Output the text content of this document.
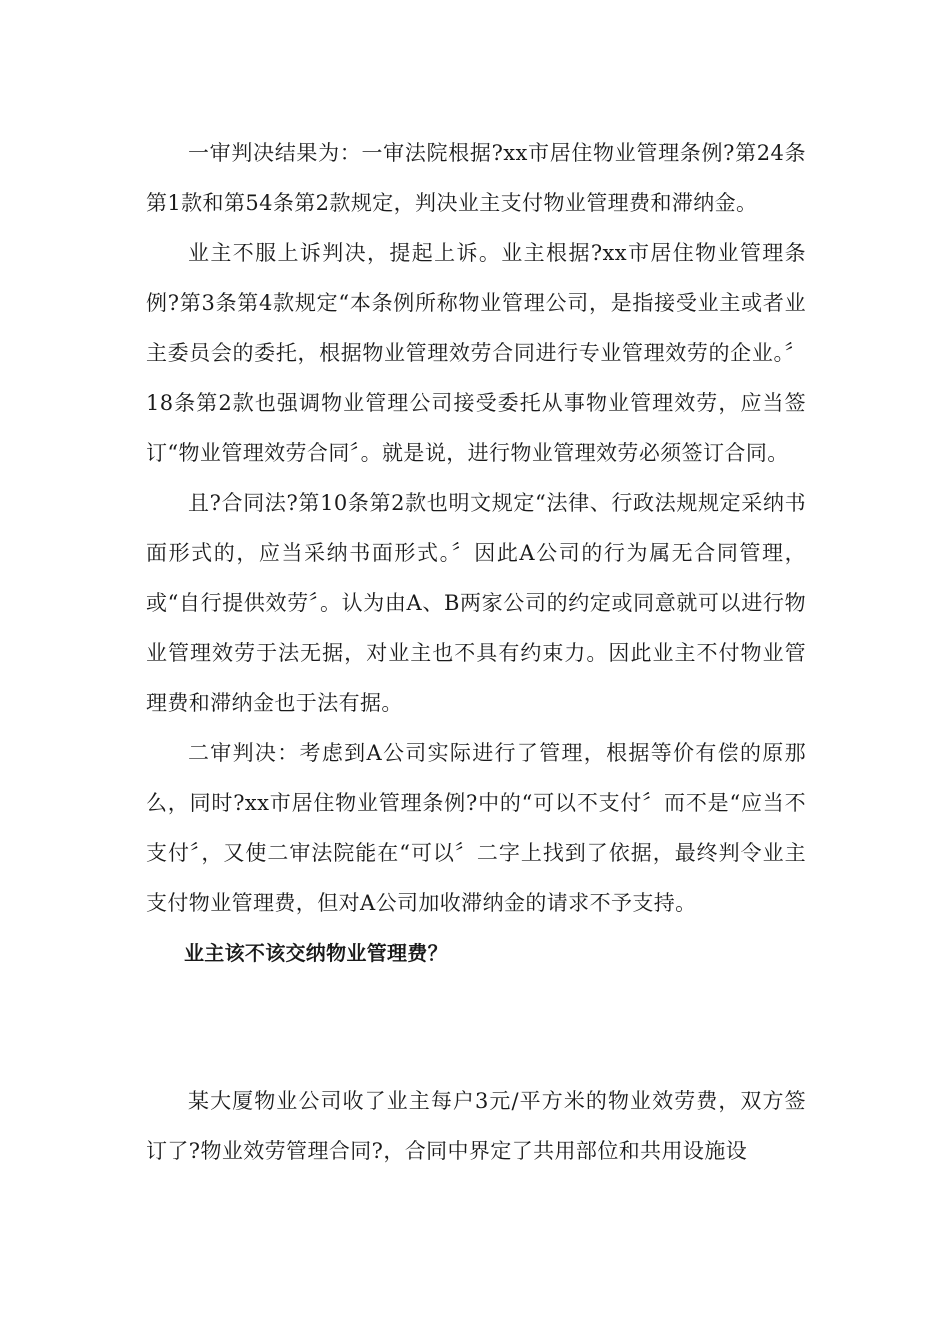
一审判决结果为：一审法院根据?xx市居住物业管理条例?第24条第1款和第54条第2款规定，判决业主支付物业管理费和滞纳金。

业主不服上诉判决，提起上诉。业主根据?xx市居住物业管理条例?第3条第4款规定“本条例所称物业管理公司，是指接受业主或者业主委员会的委托，根据物业管理效劳合同进行专业管理效劳的企业。〞18条第2款也强调物业管理公司接受委托从事物业管理效劳，应当签订“物业管理效劳合同〞。就是说，进行物业管理效劳必须签订合同。

且?合同法?第10条第2款也明文规定“法律、行政法规规定采纳书面形式的，应当采纳书面形式。〞因此A公司的行为属无合同管理，或“自行提供效劳〞。认为由A、B两家公司的约定或同意就可以进行物业管理效劳于法无据，对业主也不具有约束力。因此业主不付物业管理费和滞纳金也于法有据。

二审判决：考虑到A公司实际进行了管理，根据等价有偿的原那么，同时?xx市居住物业管理条例?中的“可以不支付〞而不是“应当不支付〞，又使二审法院能在“可以〞二字上找到了依据，最终判令业主支付物业管理费，但对A公司加收滞纳金的请求不予支持。

业主该不该交纳物业管理费？

某大厦物业公司收了业主每户3元/平方米的物业效劳费，双方签订了?物业效劳管理合同?，合同中界定了共用部位和共用设施设
